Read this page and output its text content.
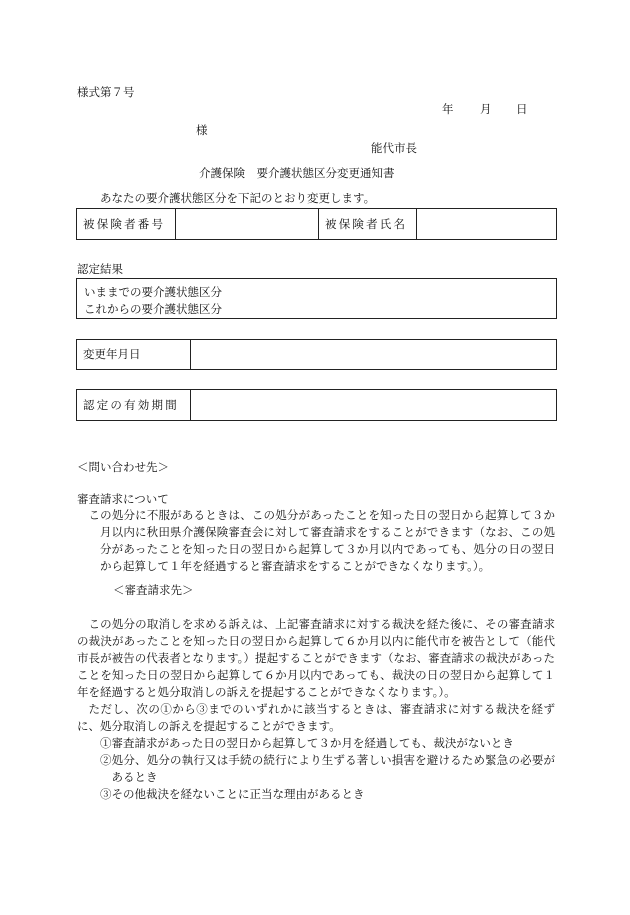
様式第７号
年 月 日
様
能代市長
介護保険　要介護状態区分変更通知書
あなたの要介護状態区分を下記のとおり変更します。
被保険者番号	被保険者氏名
認定結果
いままでの要介護状態区分
これからの要介護状態区分
変更年月日
認定の有効期間
＜問い合わせ先＞
審査請求について

この処分に不服があるときは、この処分があったことを知った日の翌日から起算して３か月以内に秋田県介護保険審査会に対して審査請求をすることができます（なお、この処分があったことを知った日の翌日から起算して３か月以内であっても、処分の日の翌日から起算して１年を経過すると審査請求をすることができなくなります。）。

＜審査請求先＞

この処分の取消しを求める訴えは、上記審査請求に対する裁決を経た後に、その審査請求の裁決があったことを知った日の翌日から起算して６か月以内に能代市を被告として（能代市長が被告の代表者となります。）提起することができます（なお、審査請求の裁決があったことを知った日の翌日から起算して６か月以内であっても、裁決の日の翌日から起算して１年を経過すると処分取消しの訴えを提起することができなくなります。）。

ただし、次の①から③までのいずれかに該当するときは、審査請求に対する裁決を経ずに、処分取消しの訴えを提起することができます。

①審査請求があった日の翌日から起算して３か月を経過しても、裁決がないとき

②処分、処分の執行又は手続の続行により生ずる著しい損害を避けるため緊急の必要があるとき

③その他裁決を経ないことに正当な理由があるとき
